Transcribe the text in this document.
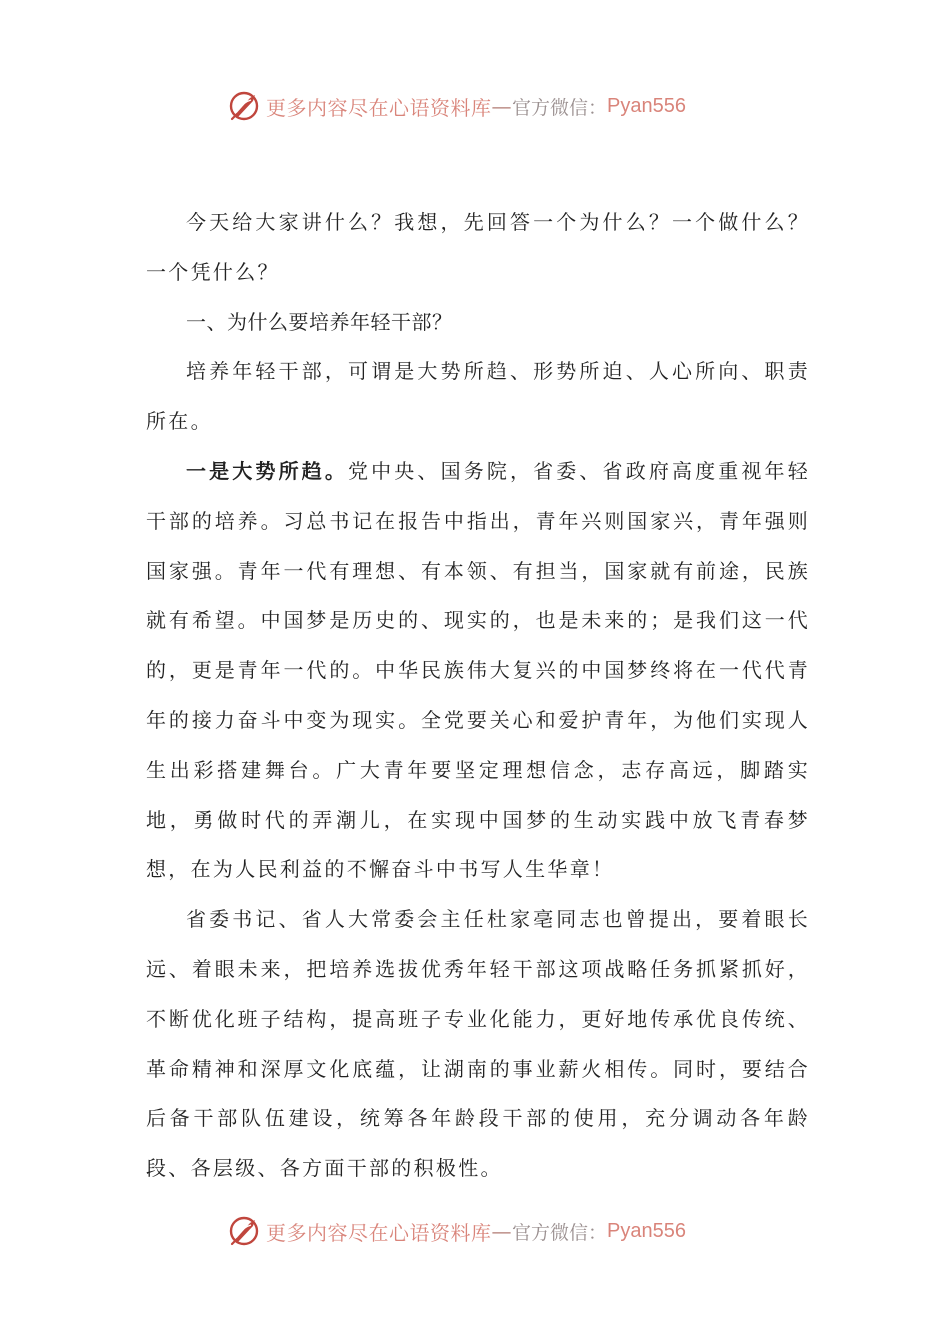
更多内容尽在心语资料库 — 官方微信： Pyan556

今天给大家讲什么？我想，先回答一个为什么？一个做什么？一个凭什么？

一、为什么要培养年轻干部？

培养年轻干部，可谓是大势所趋、形势所迫、人心所向、职责所在。

一是大势所趋。党中央、国务院，省委、省政府高度重视年轻干部的培养。习总书记在报告中指出，青年兴则国家兴，青年强则国家强。青年一代有理想、有本领、有担当，国家就有前途，民族就有希望。中国梦是历史的、现实的，也是未来的；是我们这一代的，更是青年一代的。中华民族伟大复兴的中国梦终将在一代代青年的接力奋斗中变为现实。全党要关心和爱护青年，为他们实现人生出彩搭建舞台。广大青年要坚定理想信念，志存高远，脚踏实地，勇做时代的弄潮儿，在实现中国梦的生动实践中放飞青春梦想，在为人民利益的不懈奋斗中书写人生华章！

省委书记、省人大常委会主任杜家亳同志也曾提出，要着眼长远、着眼未来，把培养选拔优秀年轻干部这项战略任务抓紧抓好，不断优化班子结构，提高班子专业化能力，更好地传承优良传统、革命精神和深厚文化底蕴，让湖南的事业薪火相传。同时，要结合后备干部队伍建设，统筹各年龄段干部的使用，充分调动各年龄段、各层级、各方面干部的积极性。

更多内容尽在心语资料库 — 官方微信： Pyan556
